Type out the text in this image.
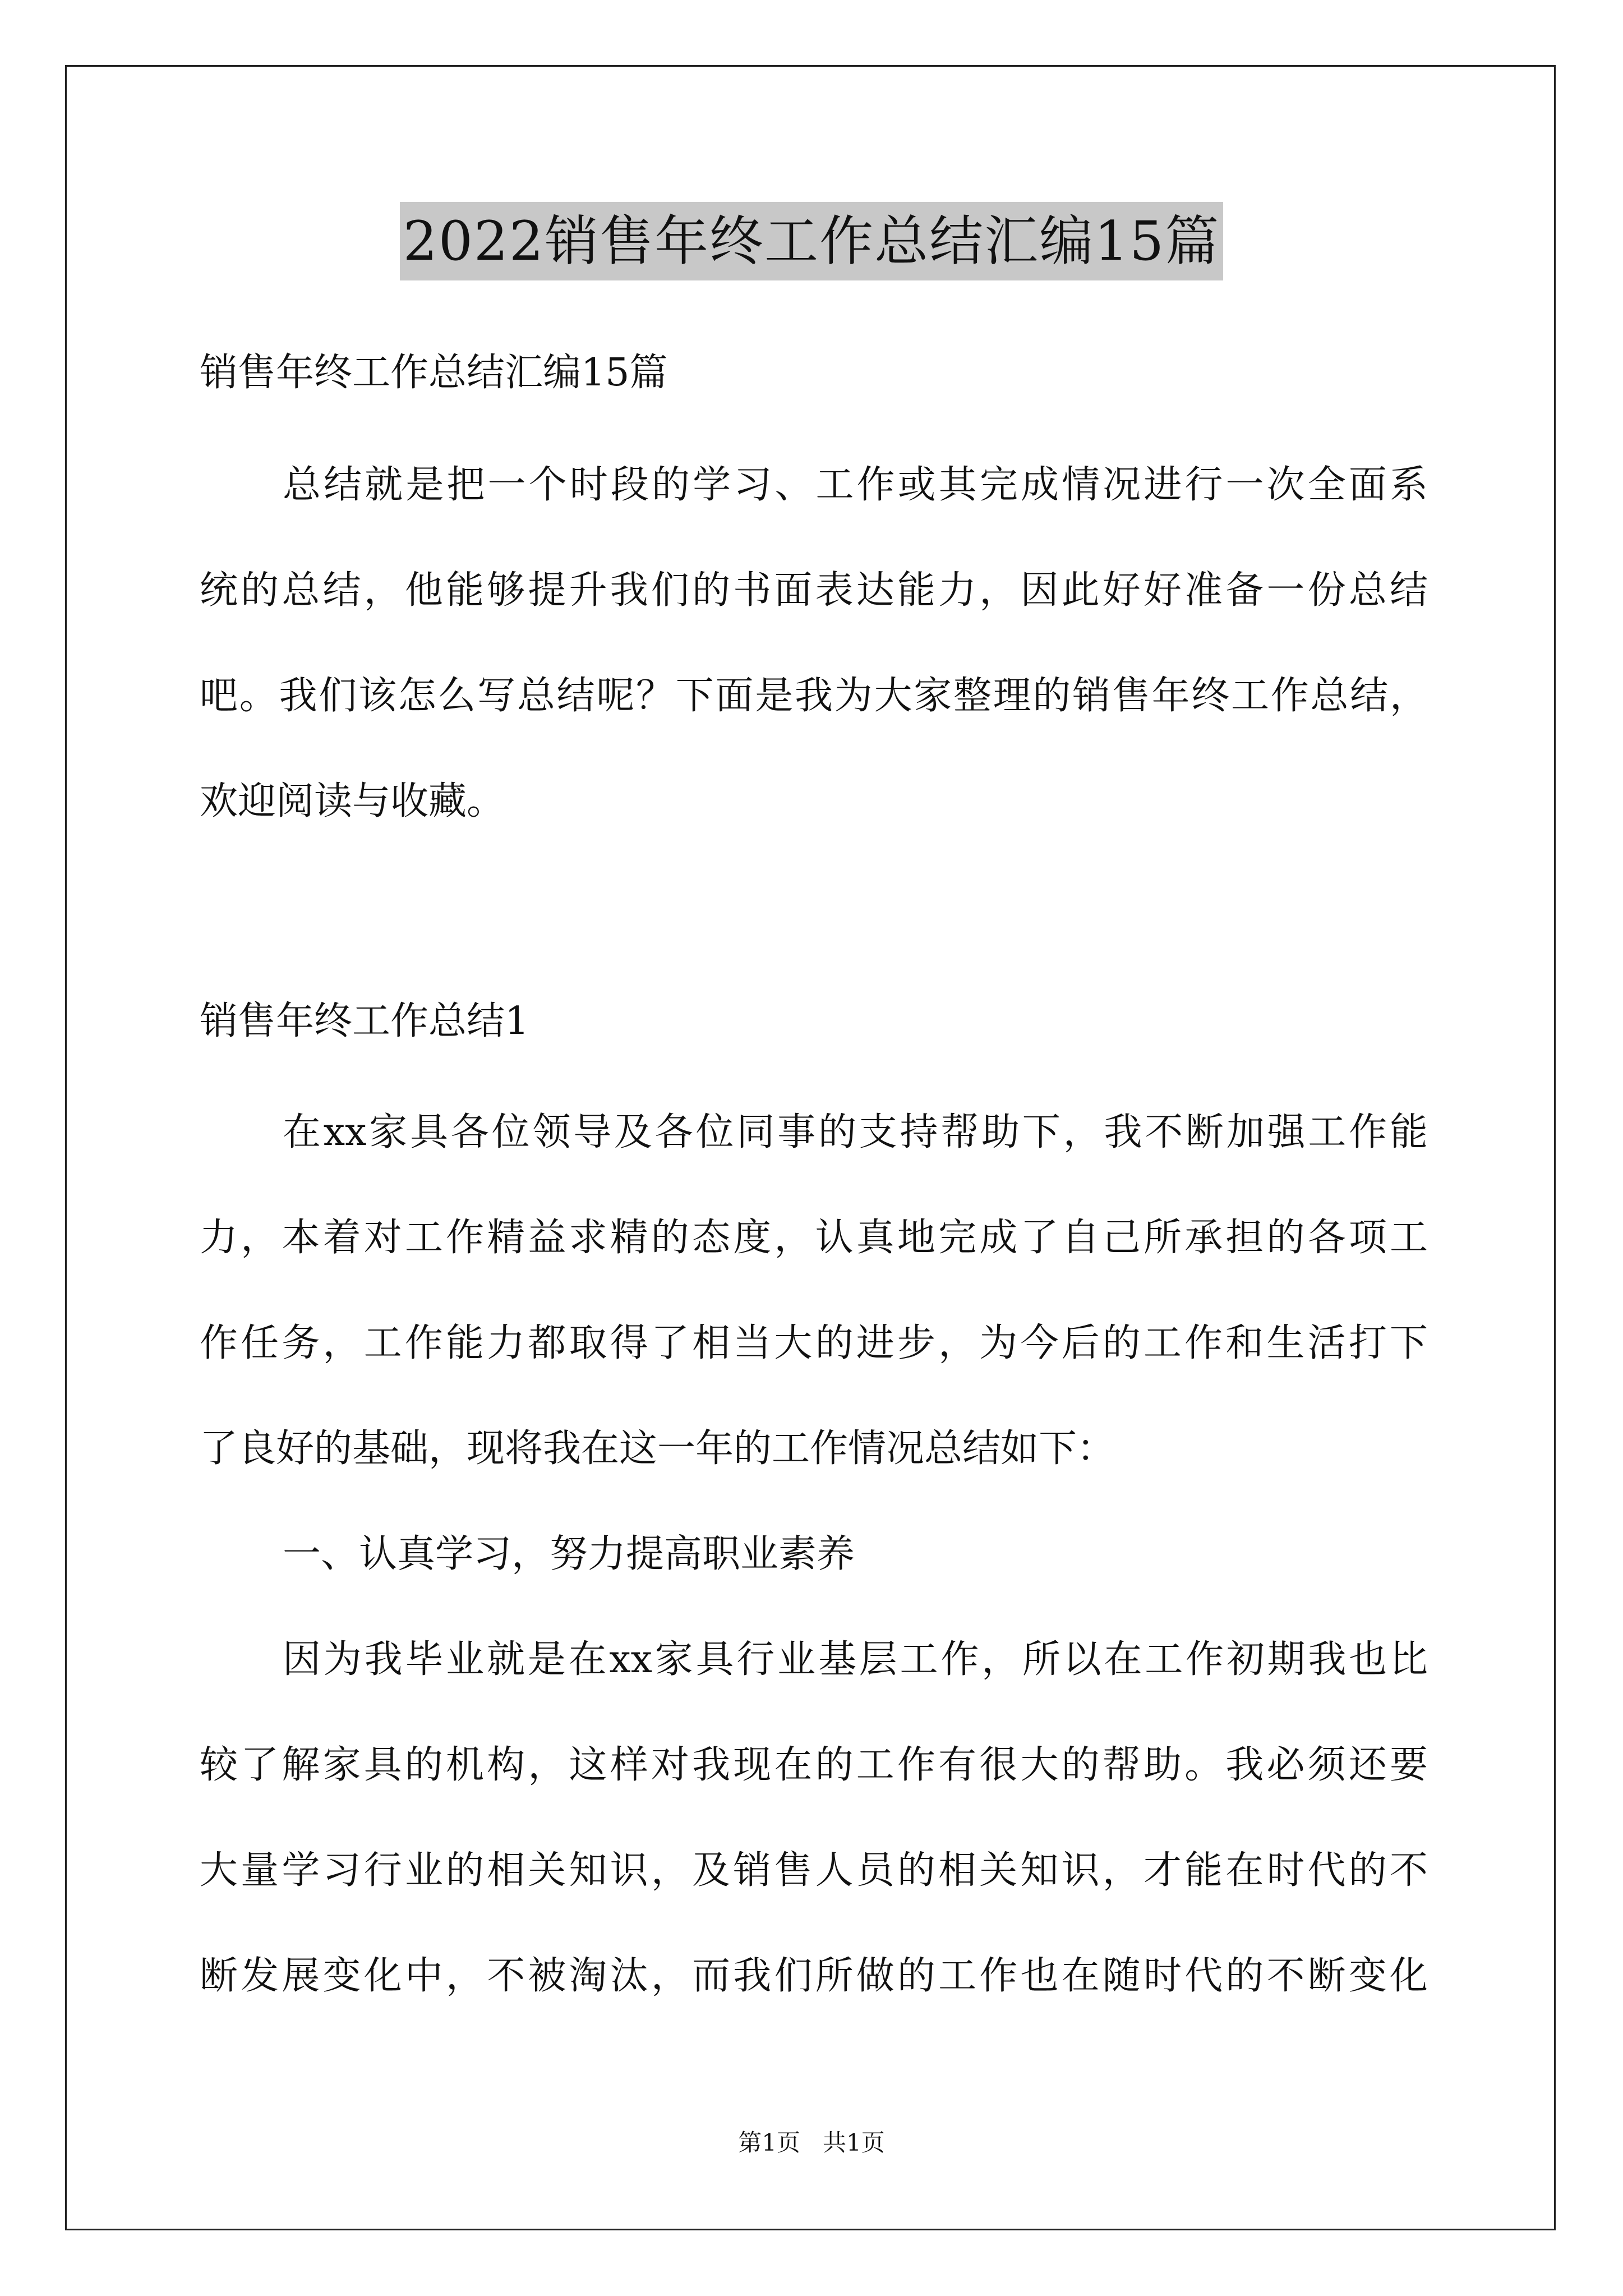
2022销售年终工作总结汇编15篇
销售年终工作总结汇编15篇
总结就是把一个时段的学习、工作或其完成情况进行一次全面系
统的总结，他能够提升我们的书面表达能力，因此好好准备一份总结
吧。我们该怎么写总结呢？下面是我为大家整理的销售年终工作总结，
欢迎阅读与收藏。
销售年终工作总结1
在xx家具各位领导及各位同事的支持帮助下，我不断加强工作能
力，本着对工作精益求精的态度，认真地完成了自己所承担的各项工
作任务，工作能力都取得了相当大的进步，为今后的工作和生活打下
了良好的基础，现将我在这一年的工作情况总结如下：
一、认真学习，努力提高职业素养
因为我毕业就是在xx家具行业基层工作，所以在工作初期我也比
较了解家具的机构，这样对我现在的工作有很大的帮助。我必须还要
大量学习行业的相关知识，及销售人员的相关知识，才能在时代的不
断发展变化中，不被淘汰，而我们所做的工作也在随时代的不断变化
第1页   共1页
